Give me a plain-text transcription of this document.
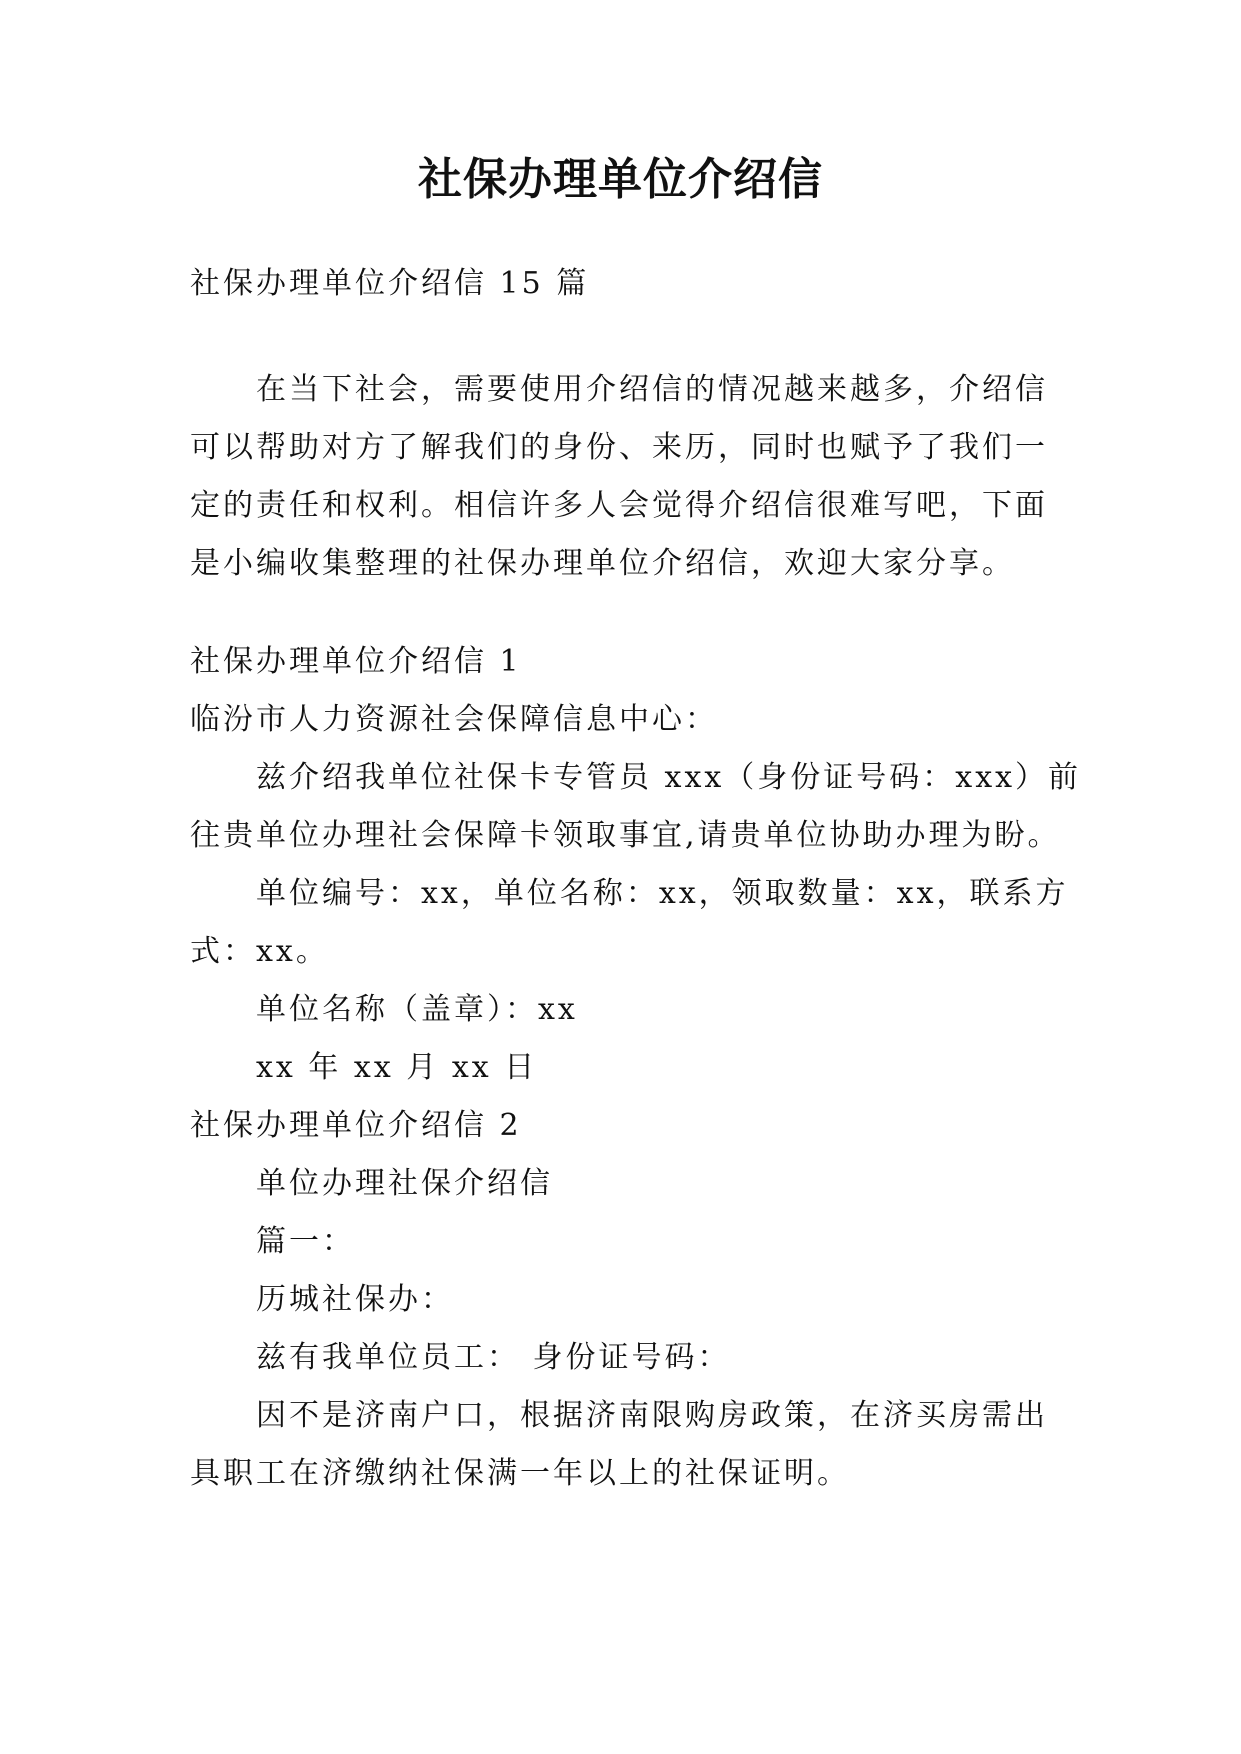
社保办理单位介绍信
社保办理单位介绍信 15 篇
在当下社会，需要使用介绍信的情况越来越多，介绍信
可以帮助对方了解我们的身份、来历，同时也赋予了我们一
定的责任和权利。相信许多人会觉得介绍信很难写吧，下面
是小编收集整理的社保办理单位介绍信，欢迎大家分享。
社保办理单位介绍信 1
临汾市人力资源社会保障信息中心：
兹介绍我单位社保卡专管员 xxx（身份证号码：xxx）前
往贵单位办理社会保障卡领取事宜,请贵单位协助办理为盼。
单位编号：xx，单位名称：xx，领取数量：xx，联系方
式：xx。
单位名称（盖章）：xx
xx 年 xx 月 xx 日
社保办理单位介绍信 2
单位办理社保介绍信
篇一：
历城社保办：
兹有我单位员工： 身份证号码：
因不是济南户口，根据济南限购房政策，在济买房需出
具职工在济缴纳社保满一年以上的社保证明。
